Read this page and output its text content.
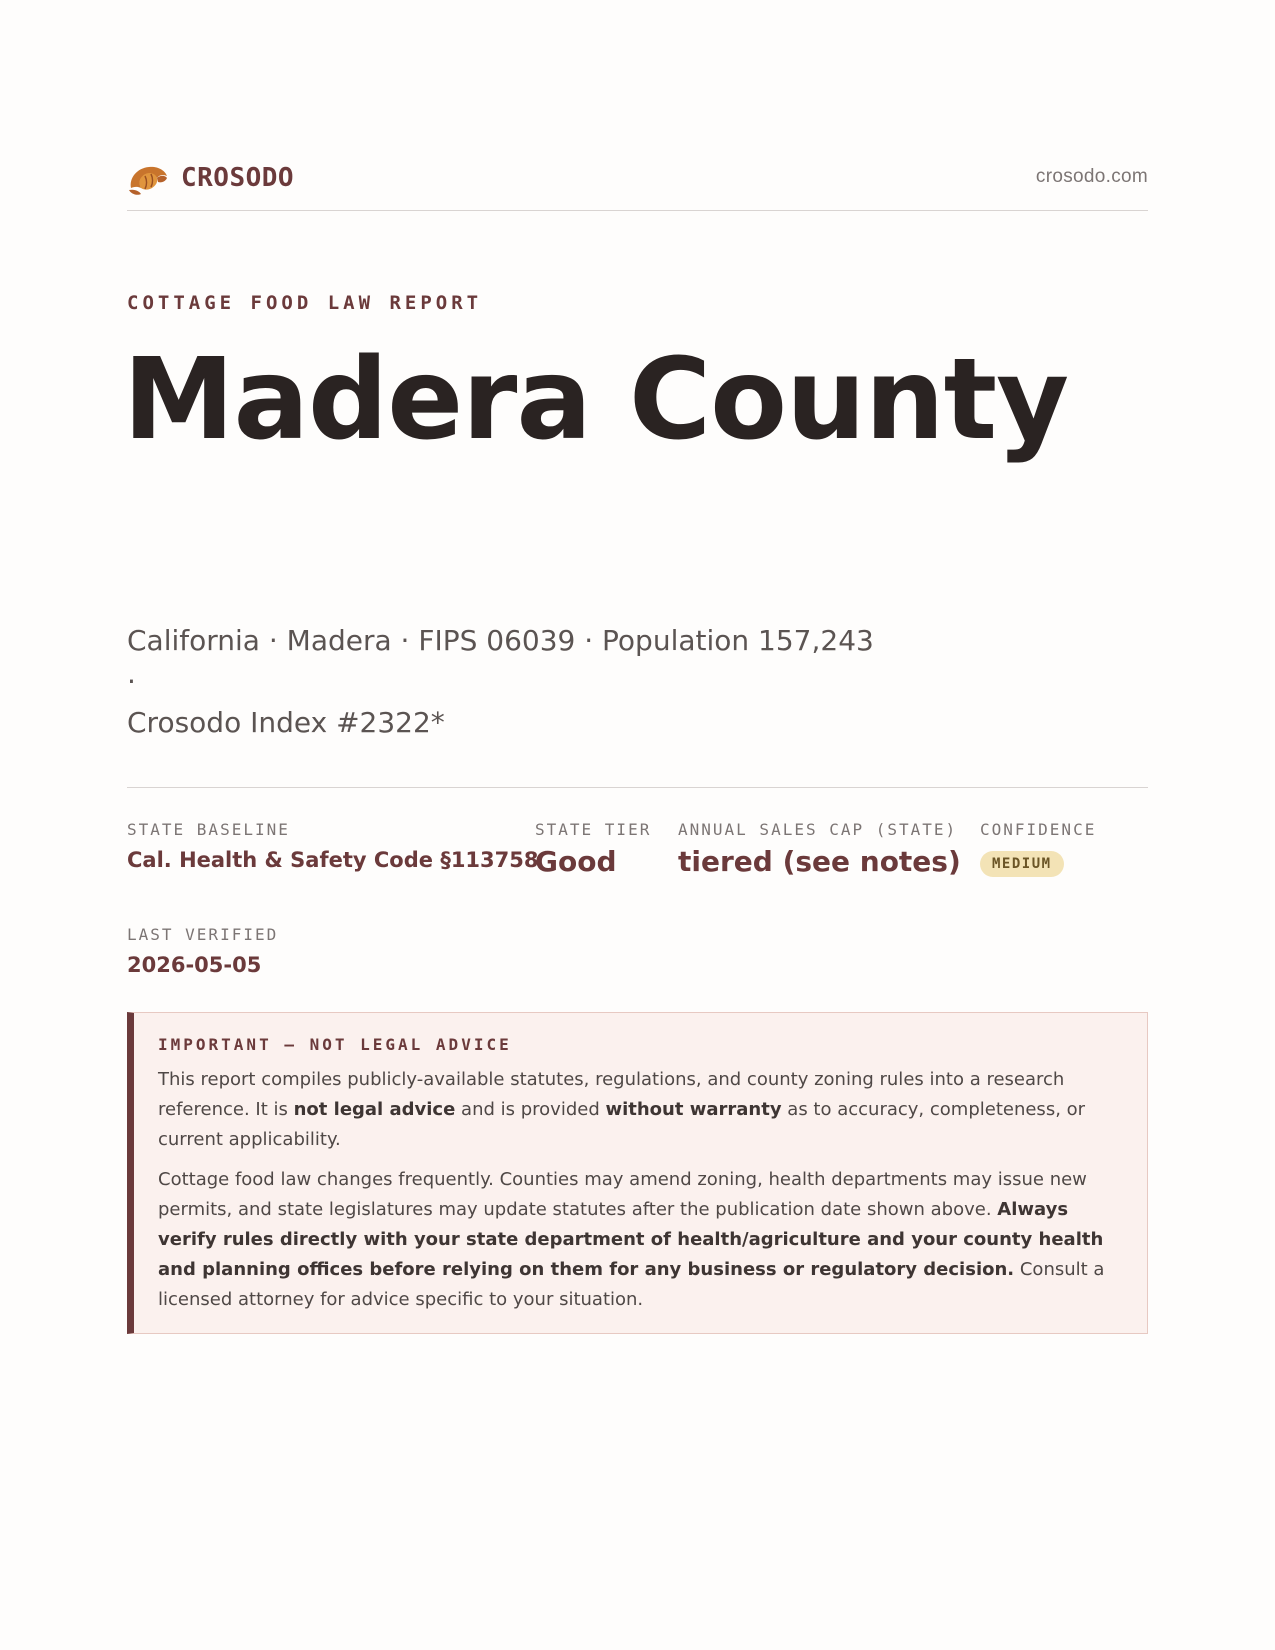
CROSODO	crosodo.com
COTTAGE FOOD LAW REPORT
Madera County
California · Madera · FIPS 06039 · Population 157,243 ·
Crosodo Index #2322*
STATE BASELINE
Cal. Health & Safety Code §113758
STATE TIER
Good
ANNUAL SALES CAP (STATE)
tiered (see notes)
CONFIDENCE
MEDIUM
LAST VERIFIED
2026-05-05
IMPORTANT — NOT LEGAL ADVICE

This report compiles publicly-available statutes, regulations, and county zoning rules into a research reference. It is not legal advice and is provided without warranty as to accuracy, completeness, or current applicability.

Cottage food law changes frequently. Counties may amend zoning, health departments may issue new permits, and state legislatures may update statutes after the publication date shown above. Always verify rules directly with your state department of health/agriculture and your county health and planning offices before relying on them for any business or regulatory decision. Consult a licensed attorney for advice specific to your situation.
